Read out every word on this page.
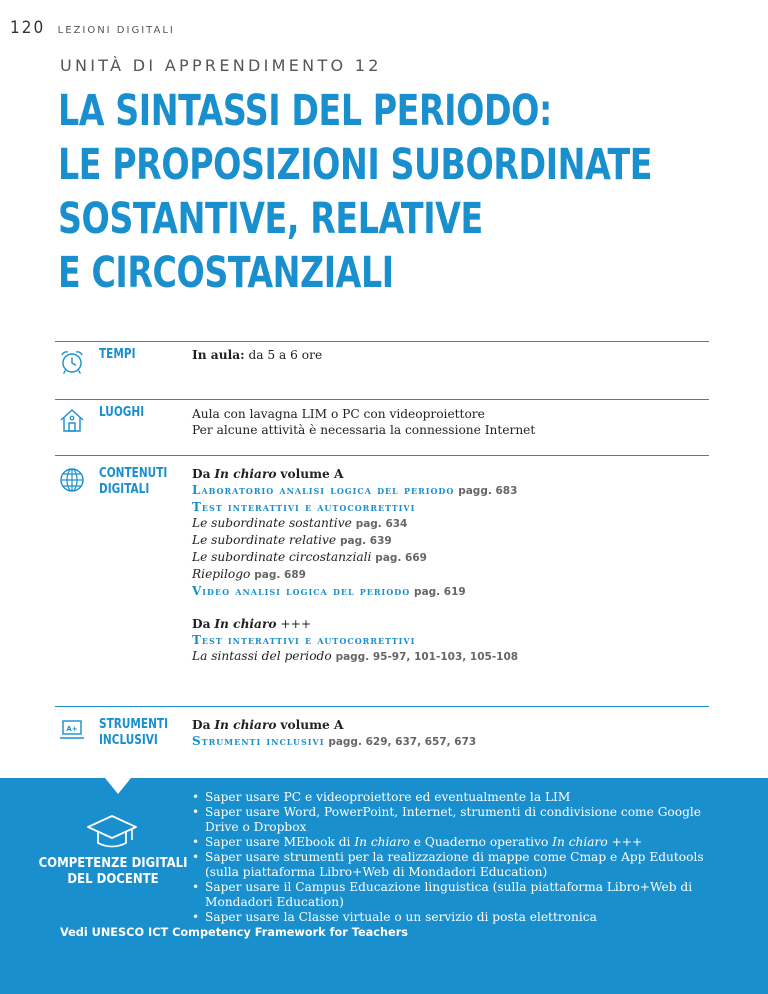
120 LEZIONI DIGITALI
UNITÀ DI APPRENDIMENTO 12
LA SINTASSI DEL PERIODO:
LE PROPOSIZIONI SUBORDINATE
SOSTANTIVE, RELATIVE
E CIRCOSTANZIALI
TEMPI	In aula: da 5 a 6 ore
LUOGHI	Aula con lavagna LIM o PC con videoproiettore
Per alcune attività è necessaria la connessione Internet
CONTENUTI
DIGITALI
Da In chiaro volume A
Laboratorio analisi logica del periodo pagg. 683
Test interattivi e autocorrettivi
Le subordinate sostantive pag. 634
Le subordinate relative pag. 639
Le subordinate circostanziali pag. 669
Riepilogo pag. 689
Video analisi logica del periodo pag. 619
Da In chiaro +++
Test interattivi e autocorrettivi
La sintassi del periodo pagg. 95-97, 101-103, 105-108
A+ STRUMENTI
INCLUSIVI
Da In chiaro volume A
Strumenti inclusivi pagg. 629, 637, 657, 673
COMPETENZE DIGITALI
DEL DOCENTE
• Saper usare PC e videoproiettore ed eventualmente la LIM
• Saper usare Word, PowerPoint, Internet, strumenti di condivisione come Google Drive o Dropbox
• Saper usare MEbook di In chiaro e Quaderno operativo In chiaro +++
• Saper usare strumenti per la realizzazione di mappe come Cmap e App Edutools (sulla piattaforma Libro+Web di Mondadori Education)
• Saper usare il Campus Educazione linguistica (sulla piattaforma Libro+Web di Mondadori Education)
• Saper usare la Classe virtuale o un servizio di posta elettronica
Vedi UNESCO ICT Competency Framework for Teachers
